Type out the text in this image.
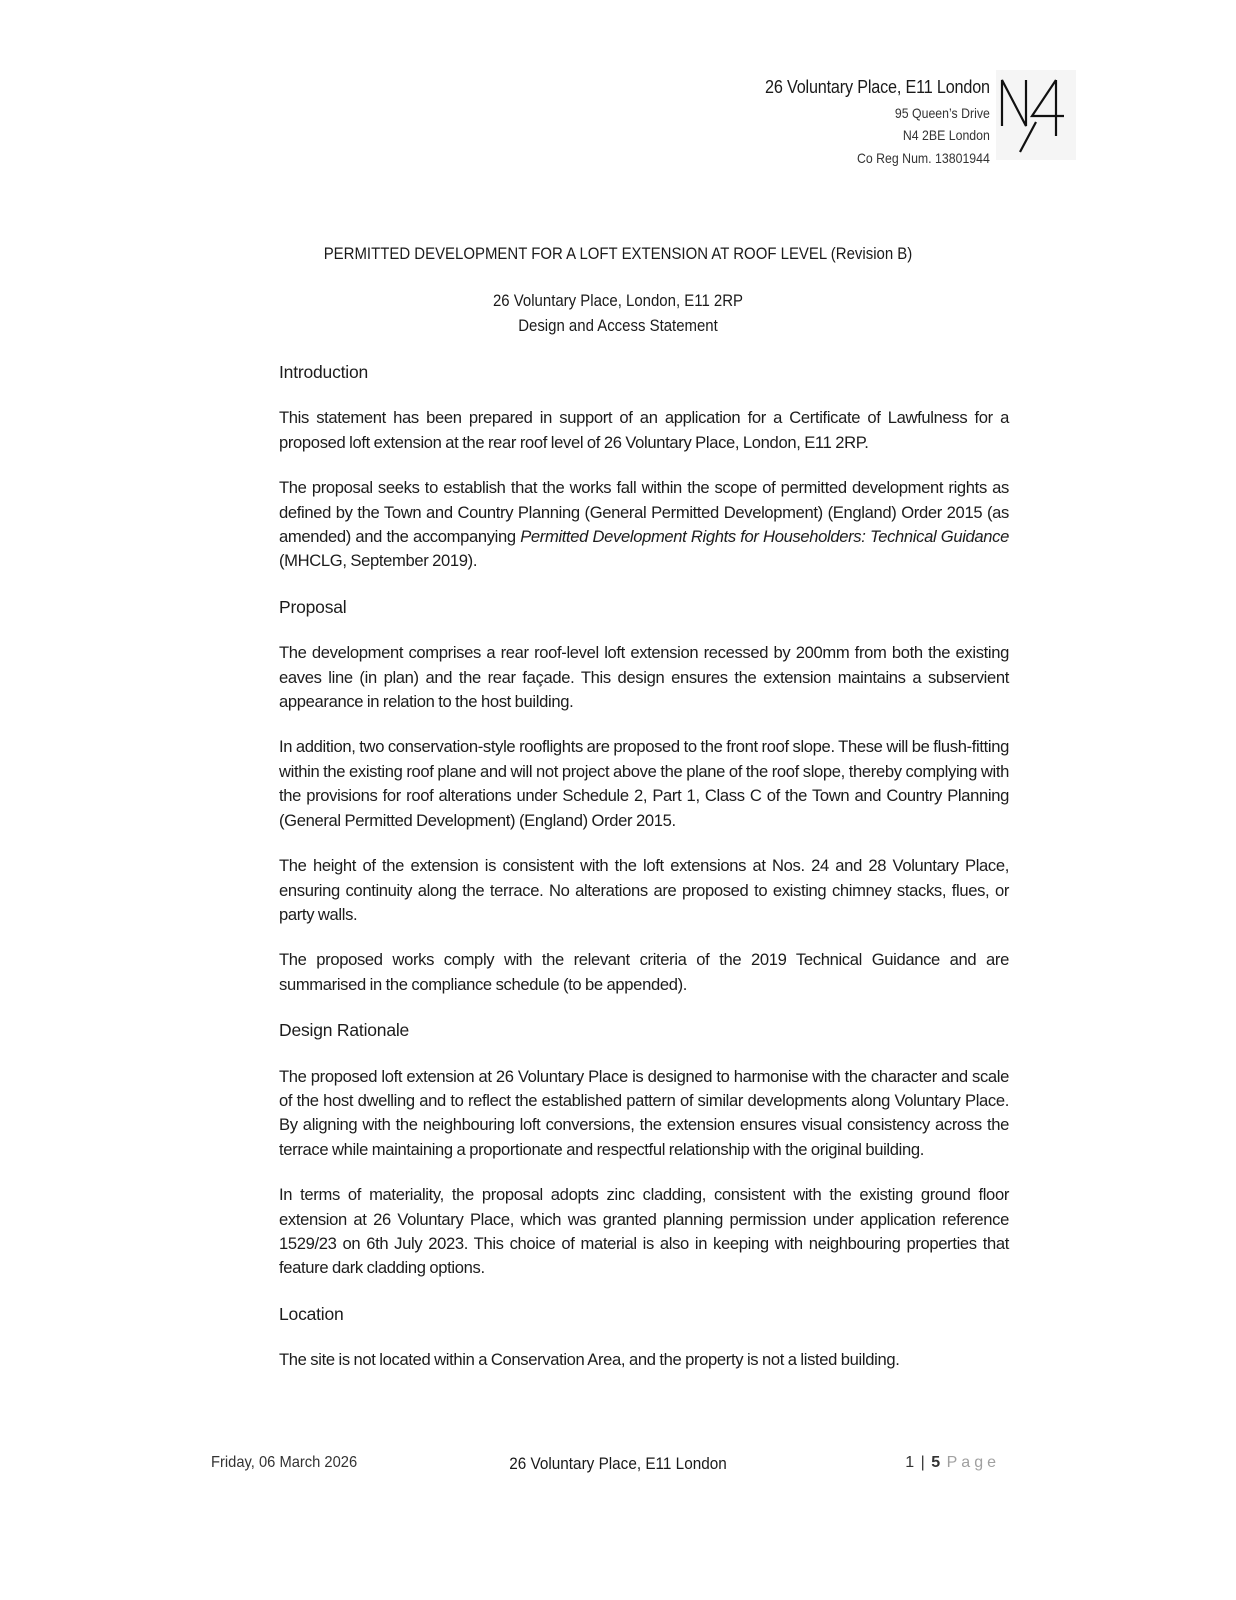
26 Voluntary Place, E11 London
95 Queen’s Drive
N4 2BE London
Co Reg Num. 13801944
PERMITTED DEVELOPMENT FOR A LOFT EXTENSION AT ROOF LEVEL (Revision B)
26 Voluntary Place, London, E11 2RP
Design and Access Statement
Introduction

This statement has been prepared in support of an application for a Certificate of Lawfulness for a proposed loft extension at the rear roof level of 26 Voluntary Place, London, E11 2RP.

The proposal seeks to establish that the works fall within the scope of permitted development rights as defined by the Town and Country Planning (General Permitted Development) (England) Order 2015 (as amended) and the accompanying Permitted Development Rights for Householders: Technical Guidance (MHCLG, September 2019).

Proposal

The development comprises a rear roof-level loft extension recessed by 200mm from both the existing eaves line (in plan) and the rear façade. This design ensures the extension maintains a subservient appearance in relation to the host building.

In addition, two conservation-style rooflights are proposed to the front roof slope. These will be flush-fitting within the existing roof plane and will not project above the plane of the roof slope, thereby complying with the provisions for roof alterations under Schedule 2, Part 1, Class C of the Town and Country Planning (General Permitted Development) (England) Order 2015.

The height of the extension is consistent with the loft extensions at Nos. 24 and 28 Voluntary Place, ensuring continuity along the terrace. No alterations are proposed to existing chimney stacks, flues, or party walls.

The proposed works comply with the relevant criteria of the 2019 Technical Guidance and are summarised in the compliance schedule (to be appended).

Design Rationale

The proposed loft extension at 26 Voluntary Place is designed to harmonise with the character and scale of the host dwelling and to reflect the established pattern of similar developments along Voluntary Place. By aligning with the neighbouring loft conversions, the extension ensures visual consistency across the terrace while maintaining a proportionate and respectful relationship with the original building.

In terms of materiality, the proposal adopts zinc cladding, consistent with the existing ground floor extension at 26 Voluntary Place, which was granted planning permission under application reference 1529/23 on 6th July 2023. This choice of material is also in keeping with neighbouring properties that feature dark cladding options.

Location

The site is not located within a Conservation Area, and the property is not a listed building.

Friday, 06 March 2026	26 Voluntary Place, E11 London	1 | 5 Page
